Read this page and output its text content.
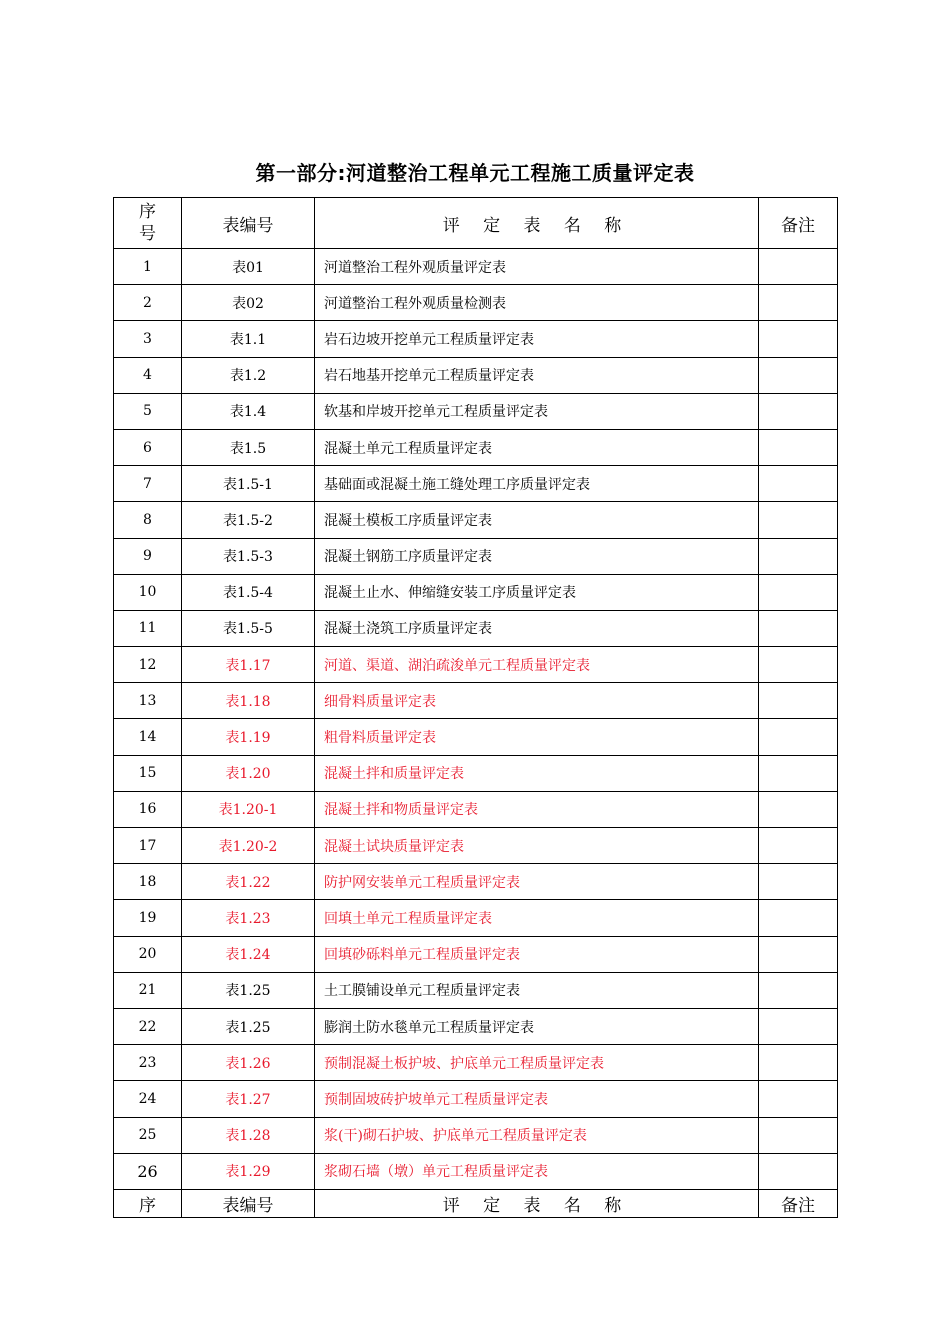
第一部分:河道整治工程单元工程施工质量评定表
序号	表编号	评 定 表 名 称	备注
1	表01	河道整治工程外观质量评定表	
2	表02	河道整治工程外观质量检测表	
3	表1.1	岩石边坡开挖单元工程质量评定表	
4	表1.2	岩石地基开挖单元工程质量评定表	
5	表1.4	软基和岸坡开挖单元工程质量评定表	
6	表1.5	混凝土单元工程质量评定表	
7	表1.5-1	基础面或混凝土施工缝处理工序质量评定表	
8	表1.5-2	混凝土模板工序质量评定表	
9	表1.5-3	混凝土钢筋工序质量评定表	
10	表1.5-4	混凝土止水、伸缩缝安装工序质量评定表	
11	表1.5-5	混凝土浇筑工序质量评定表	
12	表1.17	河道、渠道、湖泊疏浚单元工程质量评定表	
13	表1.18	细骨料质量评定表	
14	表1.19	粗骨料质量评定表	
15	表1.20	混凝土拌和质量评定表	
16	表1.20-1	混凝土拌和物质量评定表	
17	表1.20-2	混凝土试块质量评定表	
18	表1.22	防护网安装单元工程质量评定表	
19	表1.23	回填土单元工程质量评定表	
20	表1.24	回填砂砾料单元工程质量评定表	
21	表1.25	土工膜铺设单元工程质量评定表	
22	表1.25	膨润土防水毯单元工程质量评定表	
23	表1.26	预制混凝土板护坡、护底单元工程质量评定表	
24	表1.27	预制固坡砖护坡单元工程质量评定表	
25	表1.28	浆(干)砌石护坡、护底单元工程质量评定表	
26	表1.29	浆砌石墙（墩）单元工程质量评定表	
序	表编号	评 定 表 名 称	备注
